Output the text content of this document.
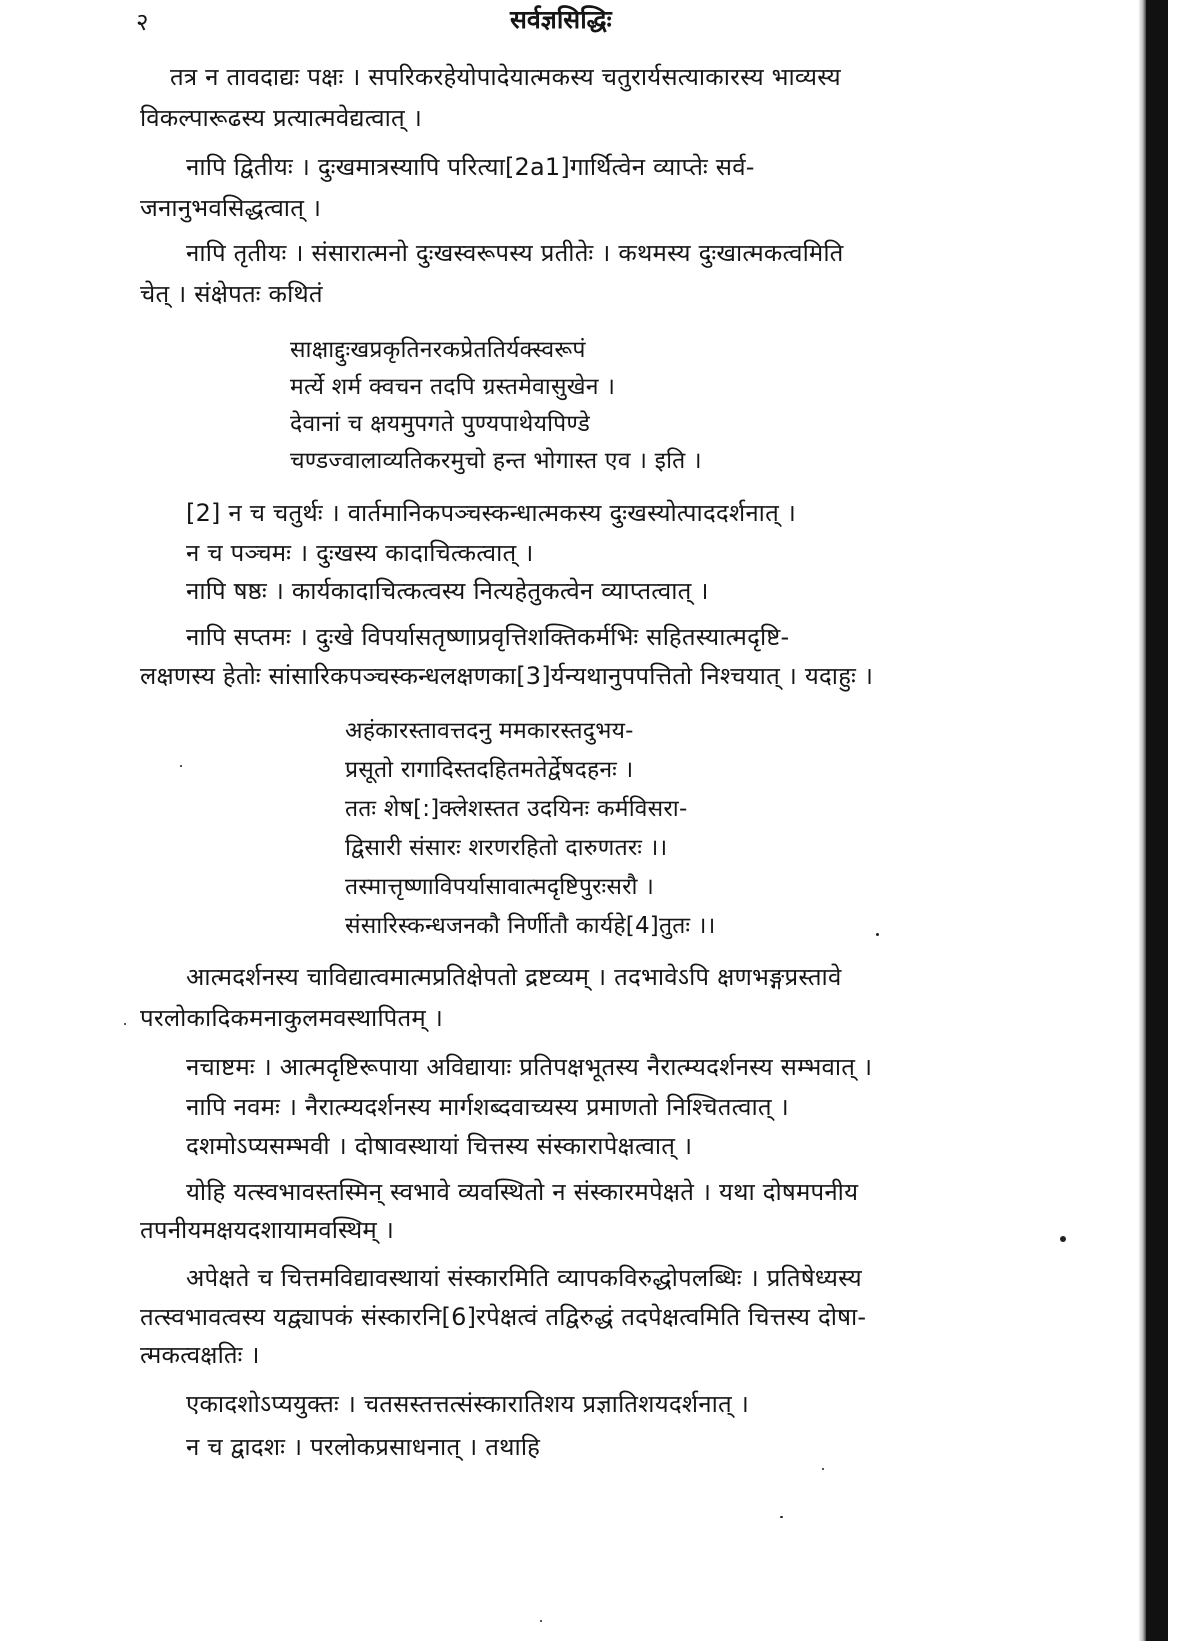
२	सर्वज्ञसिद्धिः
तत्र न तावदाद्यः पक्षः । सपरिकरहेयोपादेयात्मकस्य चतुरार्यसत्याकारस्य भाव्यस्य
विकल्पारूढस्य प्रत्यात्मवेद्यत्वात् ।
नापि द्वितीयः । दुःखमात्रस्यापि परित्या[2a1]गार्थित्वेन व्याप्तेः सर्व-
जनानुभवसिद्धत्वात् ।
नापि तृतीयः । संसारात्मनो दुःखस्वरूपस्य प्रतीतेः । कथमस्य दुःखात्मकत्वमिति
चेत् । संक्षेपतः कथितं
साक्षाद्दुःखप्रकृतिनरकप्रेततिर्यक्स्वरूपं
मर्त्ये शर्म क्वचन तदपि ग्रस्तमेवासुखेन ।
देवानां च क्षयमुपगते पुण्यपाथेयपिण्डे
चण्डज्वालाव्यतिकरमुचो हन्त भोगास्त एव । इति ।
[2] न च चतुर्थः । वार्तमानिकपञ्चस्कन्धात्मकस्य दुःखस्योत्पाददर्शनात् ।
न च पञ्चमः । दुःखस्य कादाचित्कत्वात् ।
नापि षष्ठः । कार्यकादाचित्कत्वस्य नित्यहेतुकत्वेन व्याप्तत्वात् ।
नापि सप्तमः । दुःखे विपर्यासतृष्णाप्रवृत्तिशक्तिकर्मभिः सहितस्यात्मदृष्टि-
लक्षणस्य हेतोः सांसारिकपञ्चस्कन्धलक्षणका[3]र्यन्यथानुपपत्तितो निश्चयात् । यदाहुः ।
अहंकारस्तावत्तदनु ममकारस्तदुभय-
प्रसूतो रागादिस्तदहितमतेर्द्वेषदहनः ।
ततः शेष[:]क्लेशस्तत उदयिनः कर्मविसरा-
द्विसारी संसारः शरणरहितो दारुणतरः ।।
तस्मात्तृष्णाविपर्यासावात्मदृष्टिपुरःसरौ ।
संसारिस्कन्धजनकौ निर्णीतौ कार्यहे[4]तुतः ।।
आत्मदर्शनस्य चाविद्यात्वमात्मप्रतिक्षेपतो द्रष्टव्यम् । तदभावेऽपि क्षणभङ्गप्रस्तावे
परलोकादिकमनाकुलमवस्थापितम् ।
नचाष्टमः । आत्मदृष्टिरूपाया अविद्यायाः प्रतिपक्षभूतस्य नैरात्म्यदर्शनस्य सम्भवात् ।
नापि नवमः । नैरात्म्यदर्शनस्य मार्गशब्दवाच्यस्य प्रमाणतो निश्चितत्वात् ।
दशमोऽप्यसम्भवी । दोषावस्थायां चित्तस्य संस्कारापेक्षत्वात् ।
योहि यत्स्वभावस्तस्मिन् स्वभावे व्यवस्थितो न संस्कारमपेक्षते । यथा दोषमपनीय
तपनीयमक्षयदशायामवस्थिम् ।
अपेक्षते च चित्तमविद्यावस्थायां संस्कारमिति व्यापकविरुद्धोपलब्धिः । प्रतिषेध्यस्य
तत्स्वभावत्वस्य यद्व्यापकं संस्कारनि[6]रपेक्षत्वं तद्विरुद्धं तदपेक्षत्वमिति चित्तस्य दोषा-
त्मकत्वक्षतिः ।
एकादशोऽप्ययुक्तः । चतसस्तत्तत्संस्कारातिशय प्रज्ञातिशयदर्शनात् ।
न च द्वादशः । परलोकप्रसाधनात् । तथाहि
